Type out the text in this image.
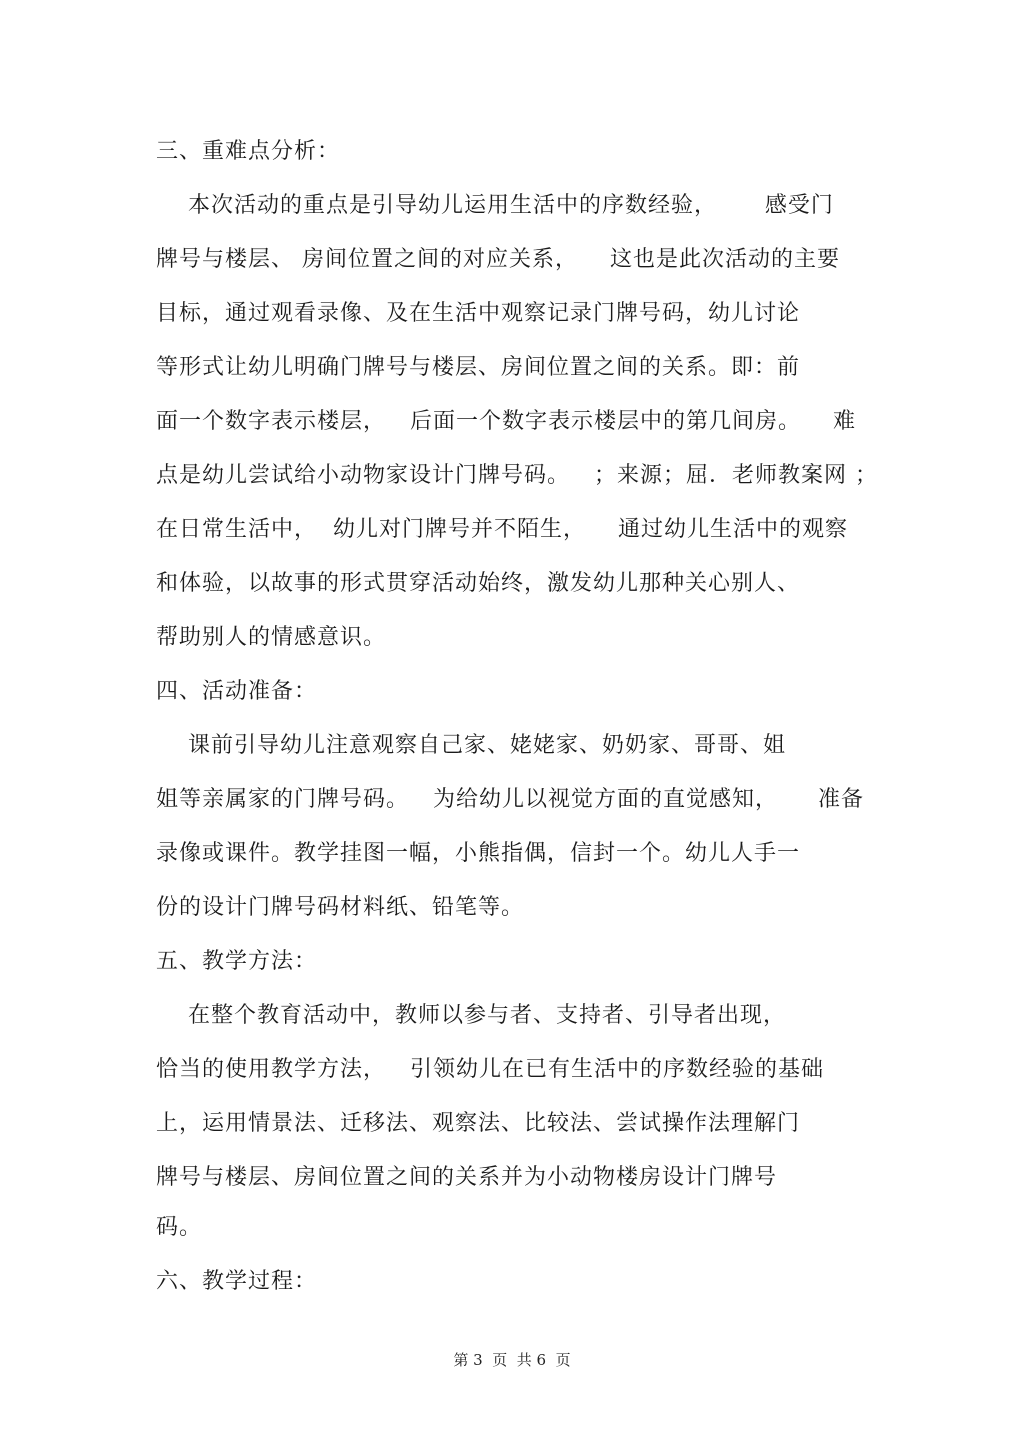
三、重难点分析：
本次活动的重点是引导幼儿运用生活中的序数经验，      感受门
牌号与楼层、 房间位置之间的对应关系，    这也是此次活动的主要
目标，通过观看录像、及在生活中观察记录门牌号码，幼儿讨论
等形式让幼儿明确门牌号与楼层、房间位置之间的关系。即：前
面一个数字表示楼层，   后面一个数字表示楼层中的第几间房。    难
点是幼儿尝试给小动物家设计门牌号码。   ；来源；屈．老师教案网 ；
在日常生活中，  幼儿对门牌号并不陌生，    通过幼儿生活中的观察
和体验，以故事的形式贯穿活动始终，激发幼儿那种关心别人、
帮助别人的情感意识。
四、活动准备：
课前引导幼儿注意观察自己家、姥姥家、奶奶家、哥哥、姐
姐等亲属家的门牌号码。   为给幼儿以视觉方面的直觉感知，     准备
录像或课件。教学挂图一幅，小熊指偶，信封一个。幼儿人手一
份的设计门牌号码材料纸、铅笔等。
五、教学方法：
在整个教育活动中，教师以参与者、支持者、引导者出现，
恰当的使用教学方法，   引领幼儿在已有生活中的序数经验的基础
上，运用情景法、迁移法、观察法、比较法、尝试操作法理解门
牌号与楼层、房间位置之间的关系并为小动物楼房设计门牌号
码。
六、教学过程：
第 3  页  共 6  页
